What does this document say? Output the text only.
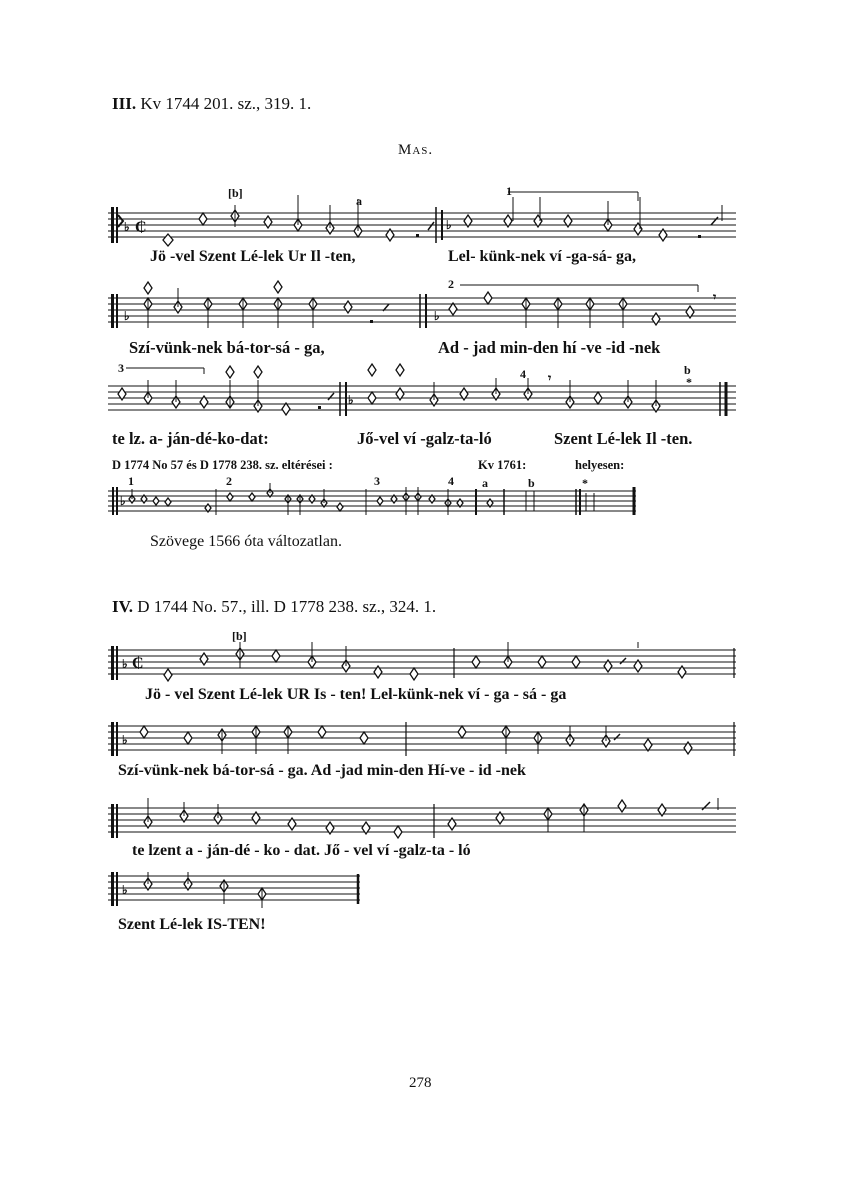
III. Kv 1744 201. sz., 319. 1.
Mas.
♭ ₵	♭
[b]
a
1
Jö -vel Szent Lé-lek Ur Il -ten,	Lel- künk-nek ví -ga-sá- ga,
♭	♭
𝄾
2
Szí-vünk-nek bá-tor-sá - ga,	Ad - jad min-den hí -ve -id -nek
3
♭
𝄾
4	b
*
te lz. a- ján-dé-ko-dat:	Jő-vel ví -galz-ta-ló	Szent Lé-lek Il -ten.
D 1774 No 57 és D 1778 238. sz. eltérései :	Kv 1761:	helyesen:
♭
1	2	3	4 a	b	*
Szövege 1566 óta változatlan.
IV. D 1744 No. 57., ill. D 1778 238. sz., 324. 1.
♭ ₵
[b]
Jö - vel Szent Lé-lek UR Is - ten! Lel-künk-nek ví - ga - sá - ga
♭
Szí-vünk-nek bá-tor-sá - ga. Ad -jad min-den Hí-ve - id -nek
te lzent a - ján-dé - ko - dat. Jő - vel ví -galz-ta - ló
♭
Szent Lé-lek IS-TEN!
278
